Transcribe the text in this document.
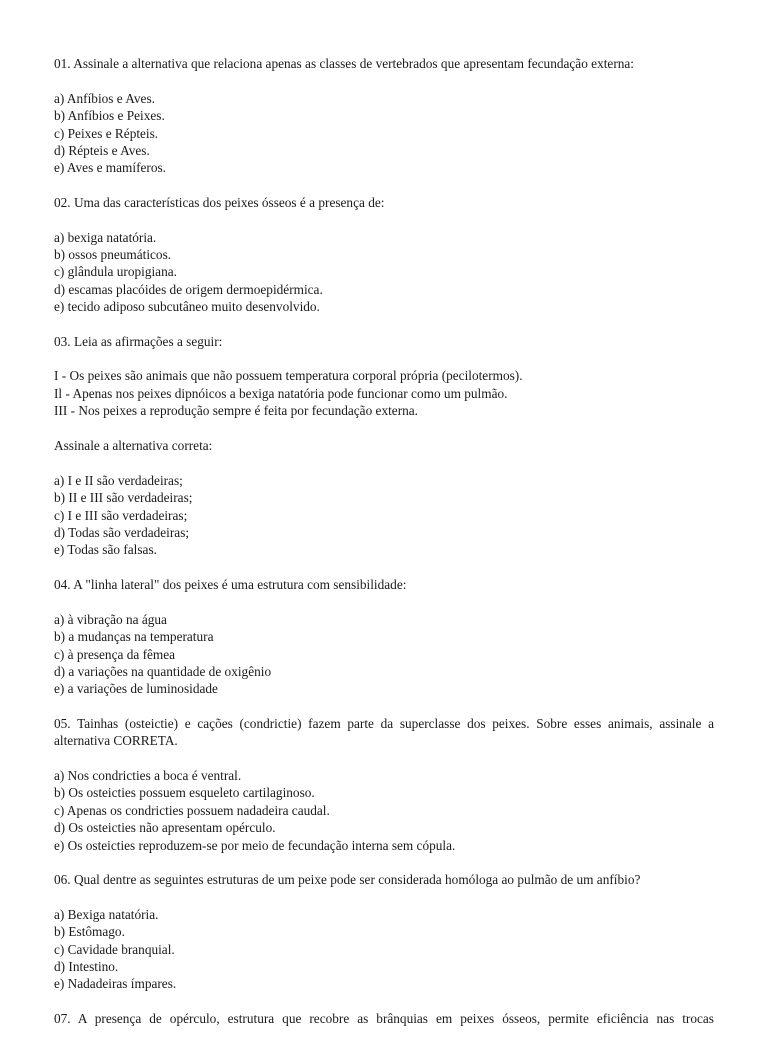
01. Assinale a alternativa que relaciona apenas as classes de vertebrados que apresentam fecundação externa:
a) Anfíbios e Aves.
b) Anfíbios e Peixes.
c) Peixes e Répteis.
d) Répteis e Aves.
e) Aves e mamíferos.
02. Uma das características dos peixes ósseos é a presença de:
a) bexiga natatória.
b) ossos pneumáticos.
c) glândula uropigiana.
d) escamas placóides de origem dermoepidérmica.
e) tecido adiposo subcutâneo muito desenvolvido.
03. Leia as afirmações a seguir:
I - Os peixes são animais que não possuem temperatura corporal própria (pecilotermos).
Il - Apenas nos peixes dipnóicos a bexiga natatória pode funcionar como um pulmão.
III - Nos peixes a reprodução sempre é feita por fecundação externa.
Assinale a alternativa correta:
a) I e II são verdadeiras;
b) II e III são verdadeiras;
c) I e III são verdadeiras;
d) Todas são verdadeiras;
e) Todas são falsas.
04. A "linha lateral" dos peixes é uma estrutura com sensibilidade:
a) à vibração na água
b) a mudanças na temperatura
c) à presença da fêmea
d) a variações na quantidade de oxigênio
e) a variações de luminosidade
05. Tainhas (osteictie) e cações (condrictie) fazem parte da superclasse dos peixes. Sobre esses animais, assinale a alternativa CORRETA.
a) Nos condricties a boca é ventral.
b) Os osteicties possuem esqueleto cartilaginoso.
c) Apenas os condricties possuem nadadeira caudal.
d) Os osteicties não apresentam opérculo.
e) Os osteicties reproduzem-se por meio de fecundação interna sem cópula.
06. Qual dentre as seguintes estruturas de um peixe pode ser considerada homóloga ao pulmão de um anfíbio?
a) Bexiga natatória.
b) Estômago.
c) Cavidade branquial.
d) Intestino.
e) Nadadeiras ímpares.
07. A presença de opérculo, estrutura que recobre as brânquias em peixes ósseos, permite eficiência nas trocas
